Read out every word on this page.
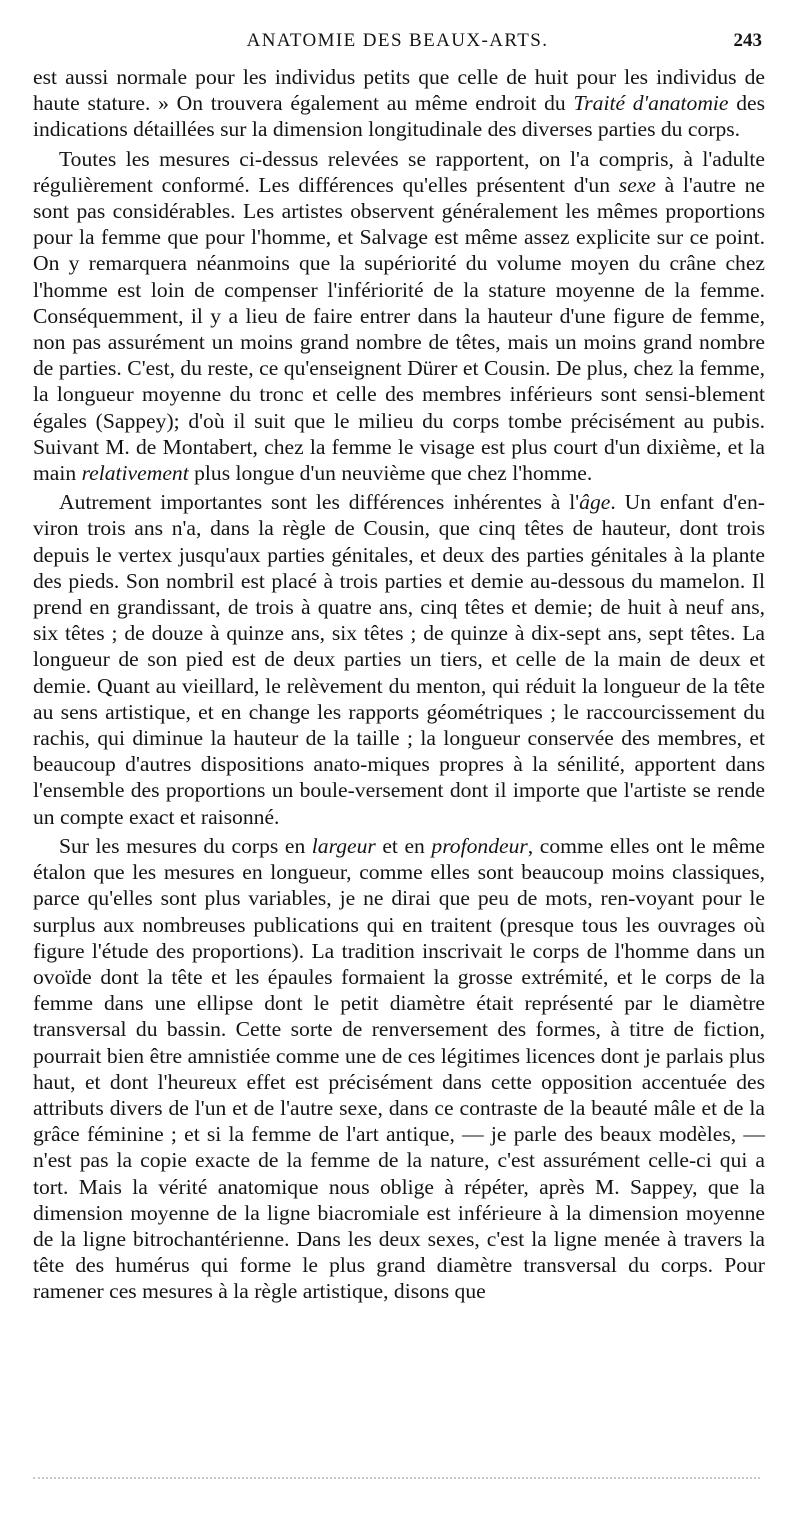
ANATOMIE DES BEAUX-ARTS.	243

est aussi normale pour les individus petits que celle de huit pour les individus de haute stature. » On trouvera également au même endroit du Traité d'anatomie des indications détaillées sur la dimension longitudinale des diverses parties du corps.

Toutes les mesures ci-dessus relevées se rapportent, on l'a compris, à l'adulte régulièrement conformé. Les différences qu'elles présentent d'un sexe à l'autre ne sont pas considérables. Les artistes observent généralement les mêmes proportions pour la femme que pour l'homme, et Salvage est même assez explicite sur ce point. On y remarquera néanmoins que la supériorité du volume moyen du crâne chez l'homme est loin de compenser l'infériorité de la stature moyenne de la femme. Conséquemment, il y a lieu de faire entrer dans la hauteur d'une figure de femme, non pas assurément un moins grand nombre de têtes, mais un moins grand nombre de parties. C'est, du reste, ce qu'enseignent Dürer et Cousin. De plus, chez la femme, la longueur moyenne du tronc et celle des membres inférieurs sont sensi-blement égales (Sappey); d'où il suit que le milieu du corps tombe précisément au pubis. Suivant M. de Montabert, chez la femme le visage est plus court d'un dixième, et la main relativement plus longue d'un neuvième que chez l'homme.

Autrement importantes sont les différences inhérentes à l'âge. Un enfant d'en-viron trois ans n'a, dans la règle de Cousin, que cinq têtes de hauteur, dont trois depuis le vertex jusqu'aux parties génitales, et deux des parties génitales à la plante des pieds. Son nombril est placé à trois parties et demie au-dessous du mamelon. Il prend en grandissant, de trois à quatre ans, cinq têtes et demie; de huit à neuf ans, six têtes ; de douze à quinze ans, six têtes ; de quinze à dix-sept ans, sept têtes. La longueur de son pied est de deux parties un tiers, et celle de la main de deux et demie. Quant au vieillard, le relèvement du menton, qui réduit la longueur de la tête au sens artistique, et en change les rapports géométriques ; le raccourcissement du rachis, qui diminue la hauteur de la taille ; la longueur conservée des membres, et beaucoup d'autres dispositions anato-miques propres à la sénilité, apportent dans l'ensemble des proportions un boule-versement dont il importe que l'artiste se rende un compte exact et raisonné.

Sur les mesures du corps en largeur et en profondeur, comme elles ont le même étalon que les mesures en longueur, comme elles sont beaucoup moins classiques, parce qu'elles sont plus variables, je ne dirai que peu de mots, ren-voyant pour le surplus aux nombreuses publications qui en traitent (presque tous les ouvrages où figure l'étude des proportions). La tradition inscrivait le corps de l'homme dans un ovoïde dont la tête et les épaules formaient la grosse extrémité, et le corps de la femme dans une ellipse dont le petit diamètre était représenté par le diamètre transversal du bassin. Cette sorte de renversement des formes, à titre de fiction, pourrait bien être amnistiée comme une de ces légitimes licences dont je parlais plus haut, et dont l'heureux effet est précisément dans cette opposition accentuée des attributs divers de l'un et de l'autre sexe, dans ce contraste de la beauté mâle et de la grâce féminine ; et si la femme de l'art antique, — je parle des beaux modèles, — n'est pas la copie exacte de la femme de la nature, c'est assurément celle-ci qui a tort. Mais la vérité anatomique nous oblige à répéter, après M. Sappey, que la dimension moyenne de la ligne biacromiale est inférieure à la dimension moyenne de la ligne bitrochantérienne. Dans les deux sexes, c'est la ligne menée à travers la tête des humérus qui forme le plus grand diamètre transversal du corps. Pour ramener ces mesures à la règle artistique, disons que
